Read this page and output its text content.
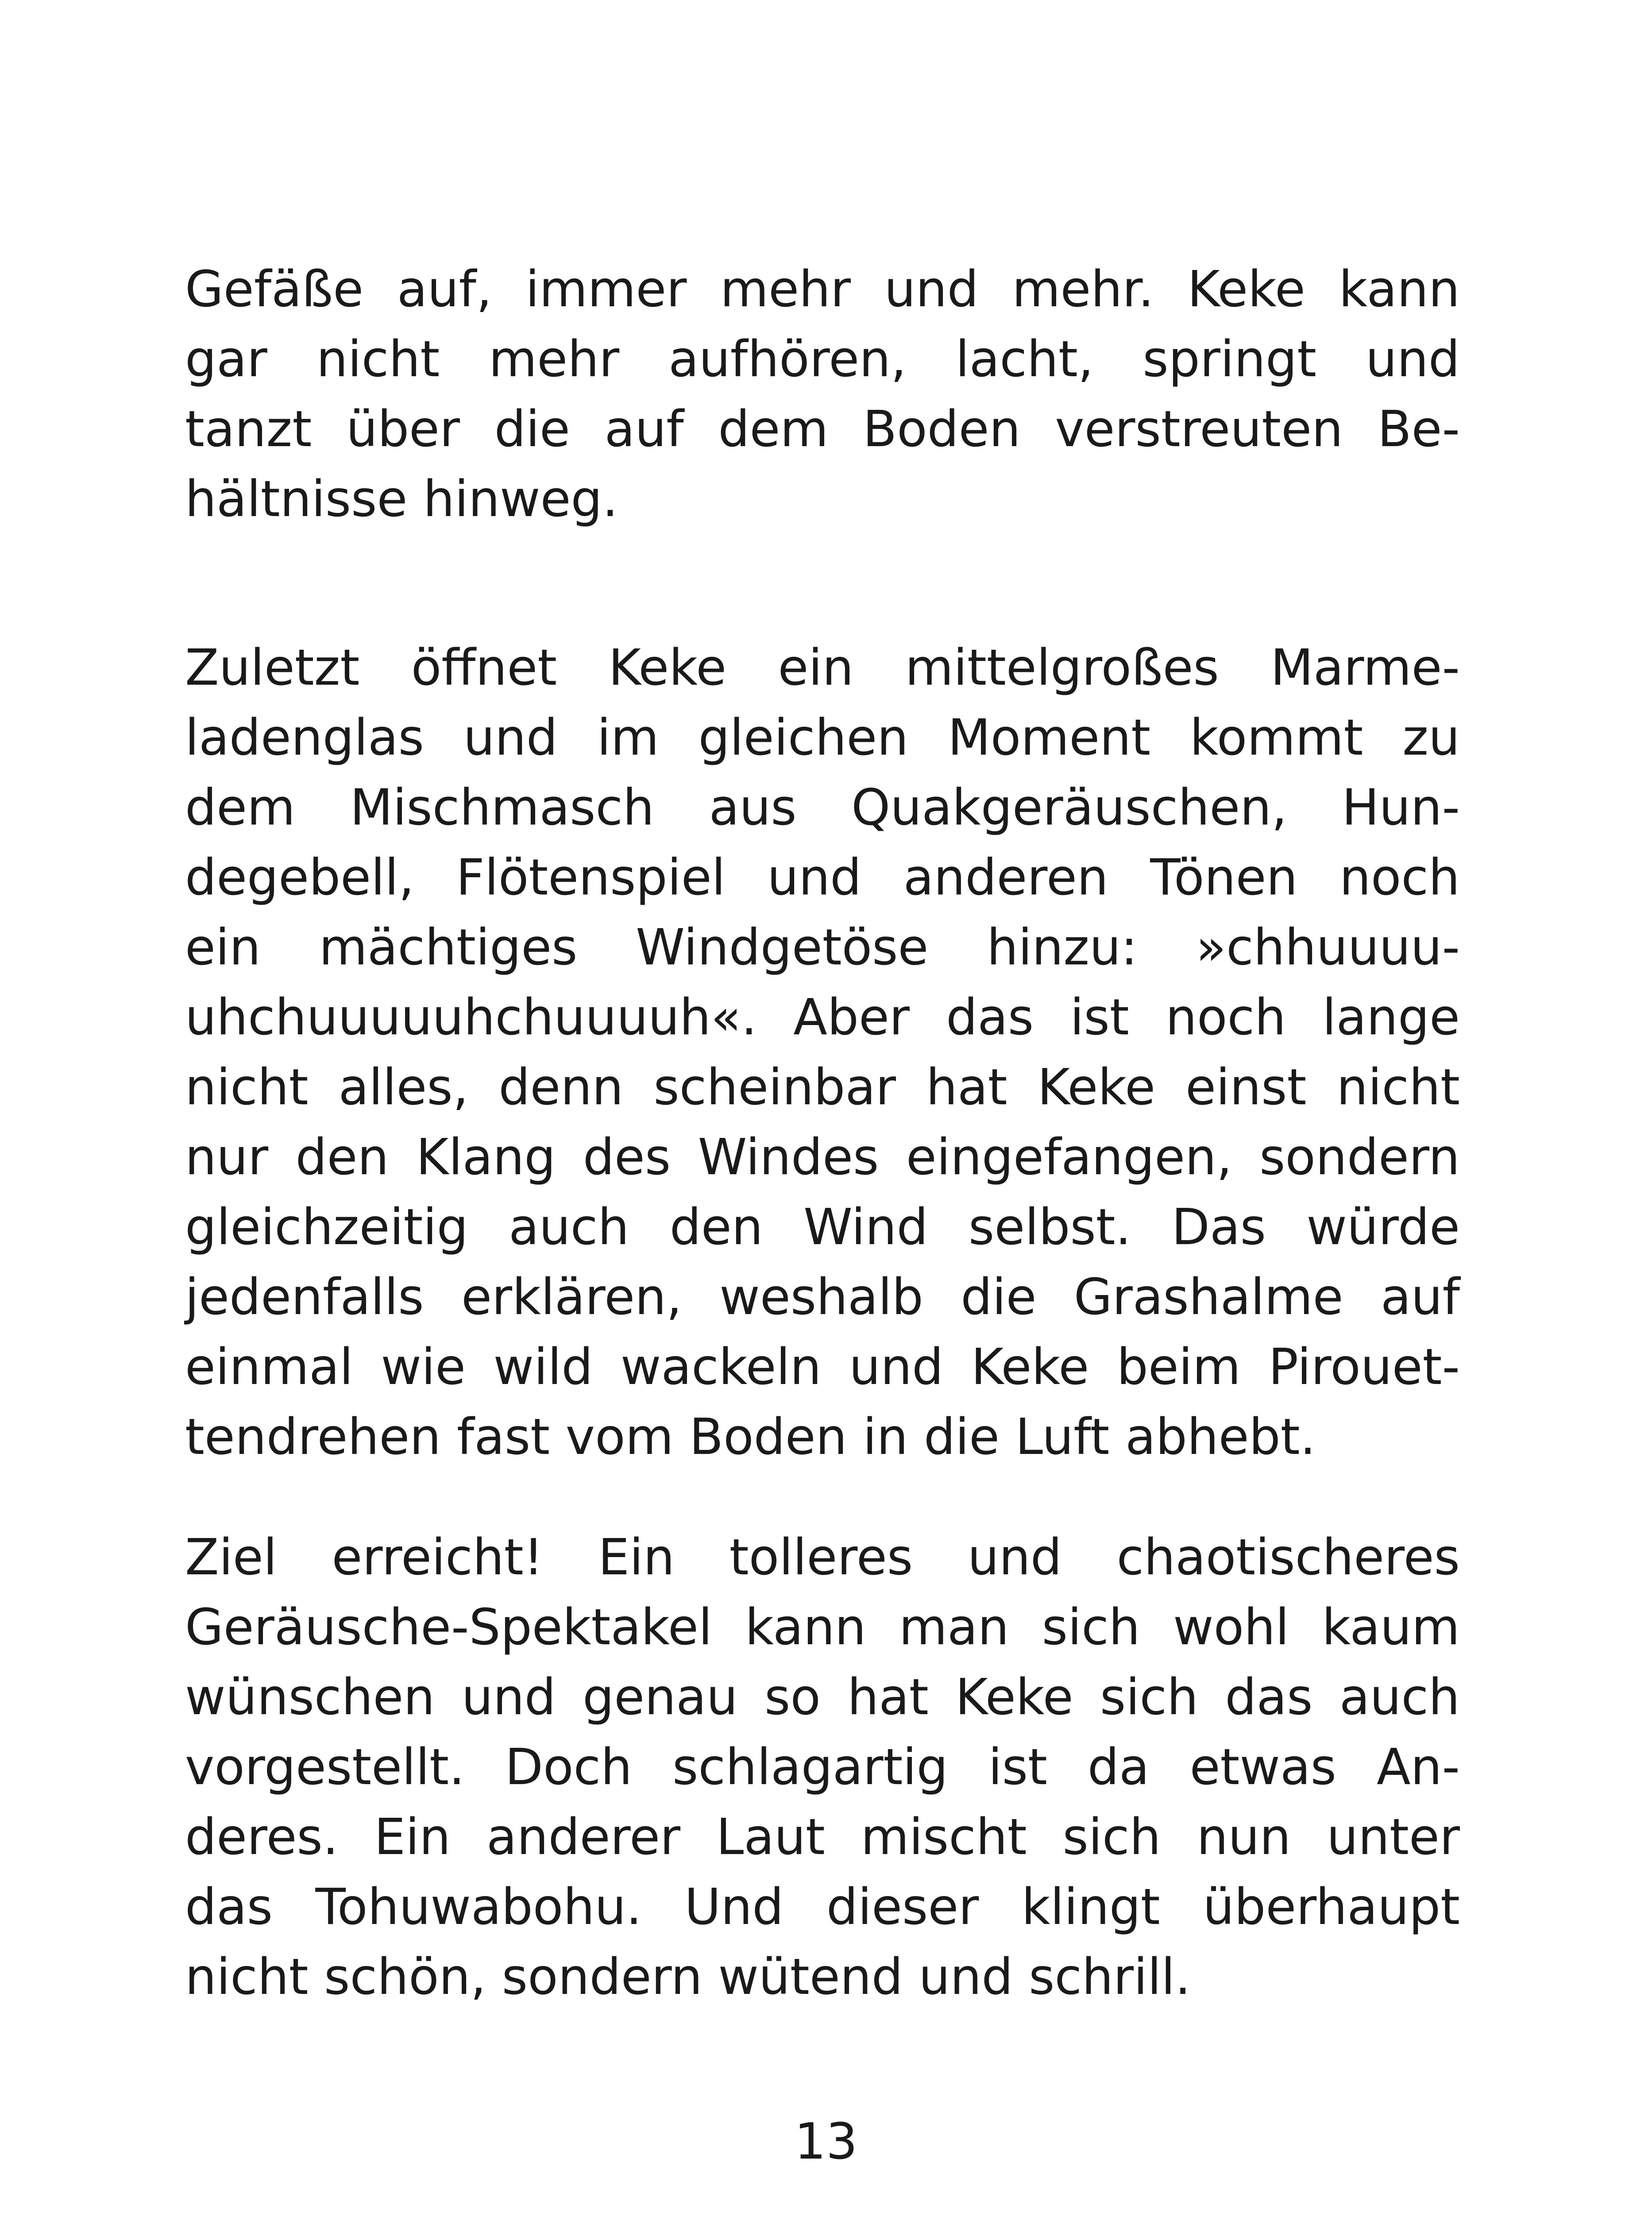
Gefäße auf, immer mehr und mehr. Keke kann
gar nicht mehr aufhören, lacht, springt und
tanzt über die auf dem Boden verstreuten Be-
hältnisse hinweg.
Zuletzt öffnet Keke ein mittelgroßes Marme-
ladenglas und im gleichen Moment kommt zu
dem Mischmasch aus Quakgeräuschen, Hun-
degebell, Flötenspiel und anderen Tönen noch
ein mächtiges Windgetöse hinzu: »chhuuuu-
uhchuuuuuhchuuuuh«. Aber das ist noch lange
nicht alles, denn scheinbar hat Keke einst nicht
nur den Klang des Windes eingefangen, sondern
gleichzeitig auch den Wind selbst. Das würde
jedenfalls erklären, weshalb die Grashalme auf
einmal wie wild wackeln und Keke beim Pirouet-
tendrehen fast vom Boden in die Luft abhebt.
Ziel erreicht! Ein tolleres und chaotischeres
Geräusche-Spektakel kann man sich wohl kaum
wünschen und genau so hat Keke sich das auch
vorgestellt. Doch schlagartig ist da etwas An-
deres. Ein anderer Laut mischt sich nun unter
das Tohuwabohu. Und dieser klingt überhaupt
nicht schön, sondern wütend und schrill.
13
